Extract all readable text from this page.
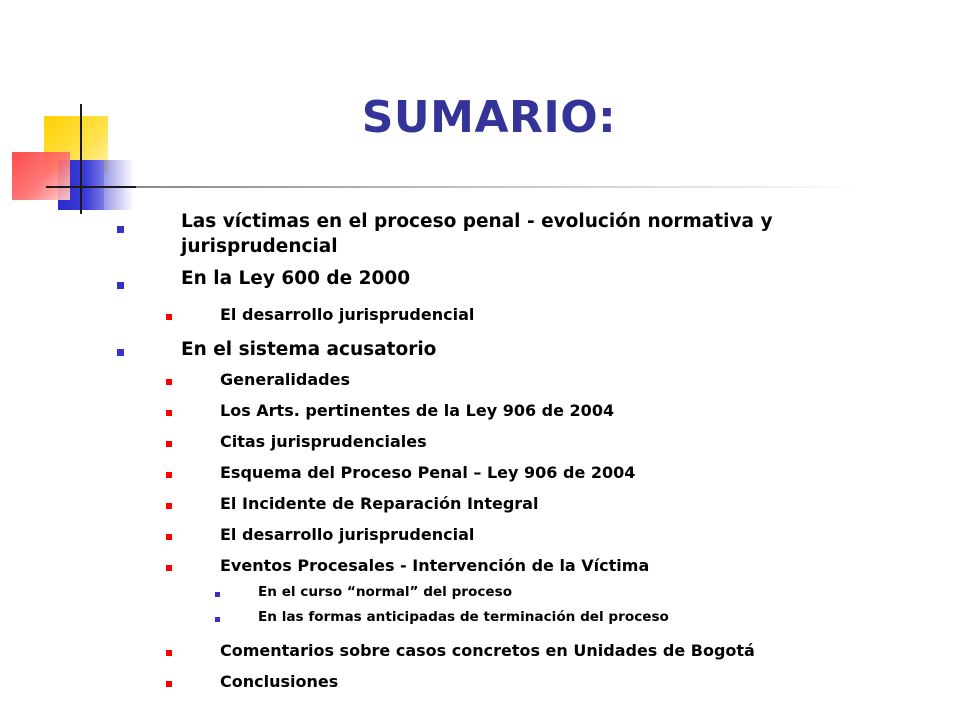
SUMARIO:
Las víctimas en el proceso penal - evolución normativa y
jurisprudencial
En la Ley 600 de 2000
El desarrollo jurisprudencial
En el sistema acusatorio
Generalidades
Los Arts. pertinentes de la Ley 906 de 2004
Citas jurisprudenciales
Esquema del Proceso Penal – Ley 906 de 2004
El Incidente de Reparación Integral
El desarrollo jurisprudencial
Eventos Procesales - Intervención de la Víctima
En el curso “normal” del proceso
En las formas anticipadas de terminación del proceso
Comentarios sobre casos concretos en Unidades de Bogotá
Conclusiones
